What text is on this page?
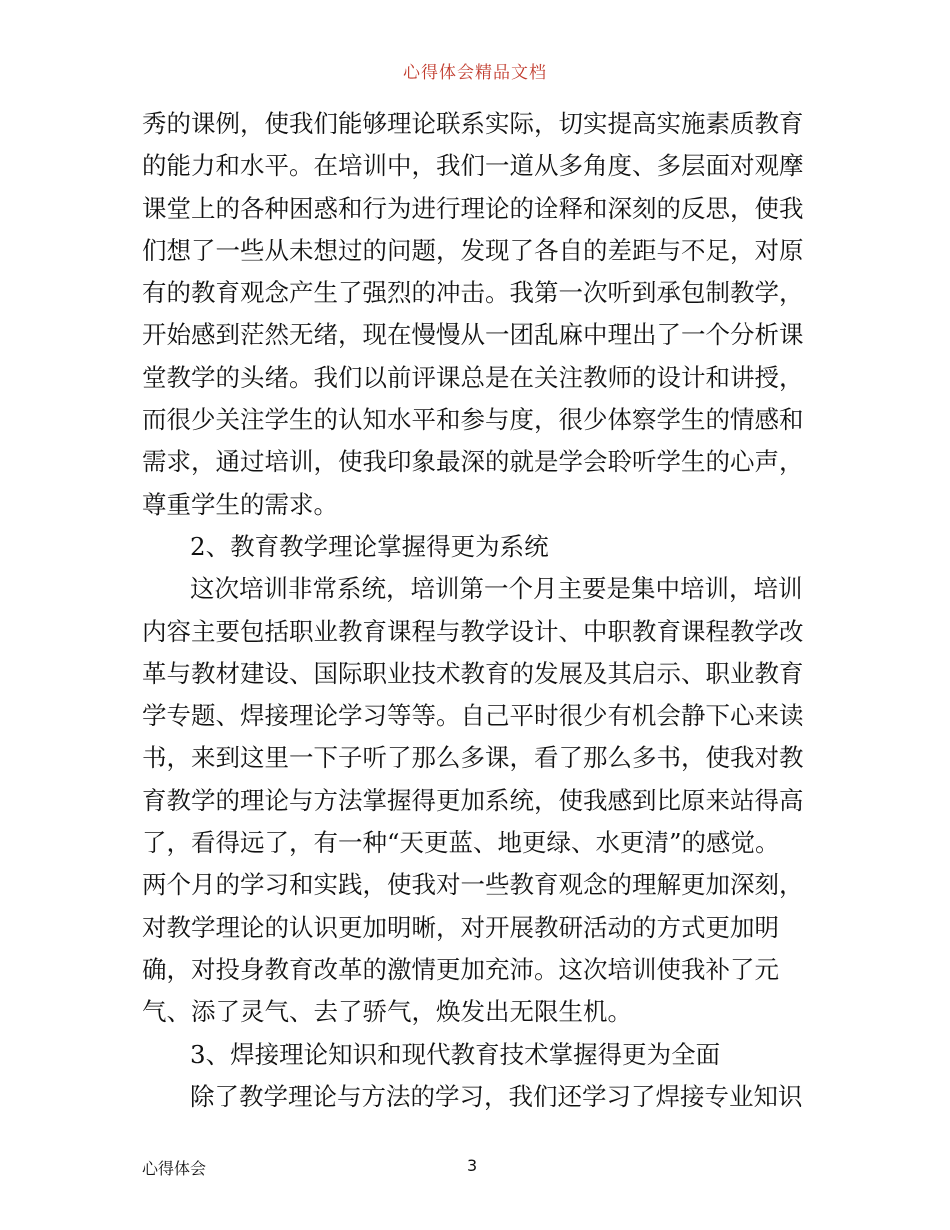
心得体会精品文档
秀的课例，使我们能够理论联系实际，切实提高实施素质教育
的能力和水平。在培训中，我们一道从多角度、多层面对观摩
课堂上的各种困惑和行为进行理论的诠释和深刻的反思，使我
们想了一些从未想过的问题，发现了各自的差距与不足，对原
有的教育观念产生了强烈的冲击。我第一次听到承包制教学，
开始感到茫然无绪，现在慢慢从一团乱麻中理出了一个分析课
堂教学的头绪。我们以前评课总是在关注教师的设计和讲授，
而很少关注学生的认知水平和参与度，很少体察学生的情感和
需求，通过培训，使我印象最深的就是学会聆听学生的心声，
尊重学生的需求。
2、教育教学理论掌握得更为系统
这次培训非常系统，培训第一个月主要是集中培训，培训
内容主要包括职业教育课程与教学设计、中职教育课程教学改
革与教材建设、国际职业技术教育的发展及其启示、职业教育
学专题、焊接理论学习等等。自己平时很少有机会静下心来读
书，来到这里一下子听了那么多课，看了那么多书，使我对教
育教学的理论与方法掌握得更加系统，使我感到比原来站得高
了，看得远了，有一种“天更蓝、地更绿、水更清”的感觉。
两个月的学习和实践，使我对一些教育观念的理解更加深刻，
对教学理论的认识更加明晰，对开展教研活动的方式更加明
确，对投身教育改革的激情更加充沛。这次培训使我补了元
气、添了灵气、去了骄气，焕发出无限生机。
3、焊接理论知识和现代教育技术掌握得更为全面
除了教学理论与方法的学习，我们还学习了焊接专业知识
心得体会	3
